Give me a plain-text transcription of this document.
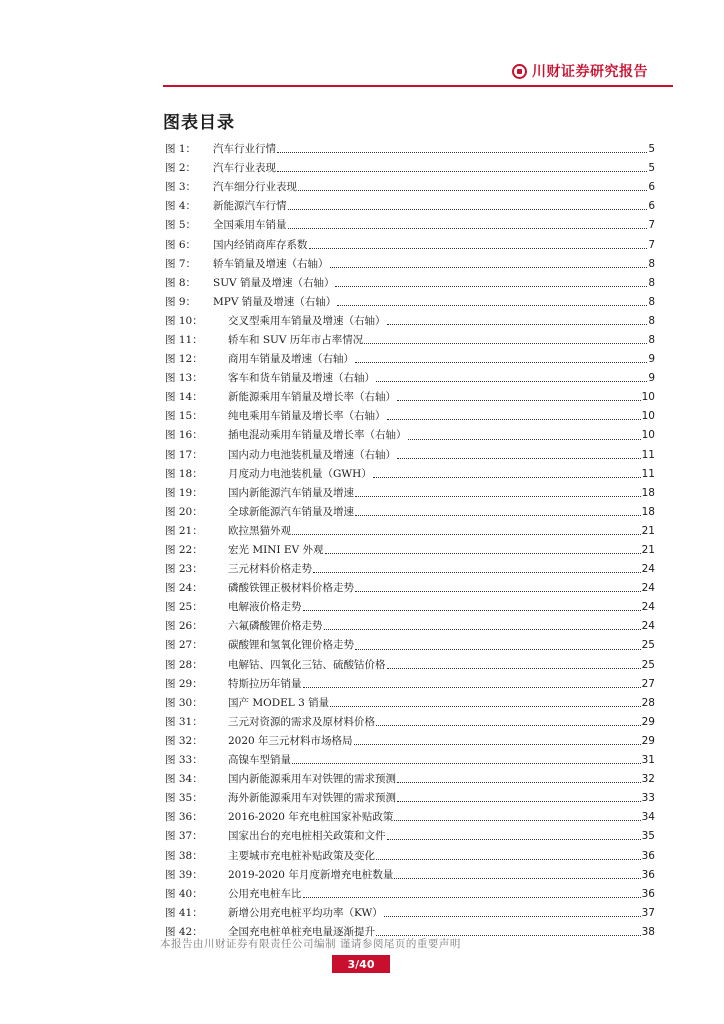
川财证券研究报告
图表目录
图 1：	汽车行业行情	5
图 2：	汽车行业表现	5
图 3：	汽车细分行业表现	6
图 4：	新能源汽车行情	6
图 5：	全国乘用车销量	7
图 6：	国内经销商库存系数	7
图 7：	轿车销量及增速（右轴）	8
图 8：	SUV 销量及增速（右轴）	8
图 9：	MPV 销量及增速（右轴）	8
图 10：	交叉型乘用车销量及增速（右轴）	8
图 11：	轿车和 SUV 历年市占率情况	8
图 12：	商用车销量及增速（右轴）	9
图 13：	客车和货车销量及增速（右轴）	9
图 14：	新能源乘用车销量及增长率（右轴）	10
图 15：	纯电乘用车销量及增长率（右轴）	10
图 16：	插电混动乘用车销量及增长率（右轴）	10
图 17：	国内动力电池装机量及增速（右轴）	11
图 18：	月度动力电池装机量（GWH）	11
图 19：	国内新能源汽车销量及增速	18
图 20：	全球新能源汽车销量及增速	18
图 21：	欧拉黑猫外观	21
图 22：	宏光 MINI EV 外观	21
图 23：	三元材料价格走势	24
图 24：	磷酸铁锂正极材料价格走势	24
图 25：	电解液价格走势	24
图 26：	六氟磷酸锂价格走势	24
图 27：	碳酸锂和氢氧化锂价格走势	25
图 28：	电解钴、四氧化三钴、硫酸钴价格	25
图 29：	特斯拉历年销量	27
图 30：	国产 MODEL 3 销量	28
图 31：	三元对资源的需求及原材料价格	29
图 32：	2020 年三元材料市场格局	29
图 33：	高镍车型销量	31
图 34：	国内新能源乘用车对铁锂的需求预测	32
图 35：	海外新能源乘用车对铁锂的需求预测	33
图 36：	2016-2020 年充电桩国家补贴政策	34
图 37：	国家出台的充电桩相关政策和文件	35
图 38：	主要城市充电桩补贴政策及变化	36
图 39：	2019-2020 年月度新增充电桩数量	36
图 40：	公用充电桩车比	36
图 41：	新增公用充电桩平均功率（KW）	37
图 42：	全国充电桩单桩充电量逐渐提升	38
本报告由川财证券有限责任公司编制 谨请参阅尾页的重要声明
3/40
